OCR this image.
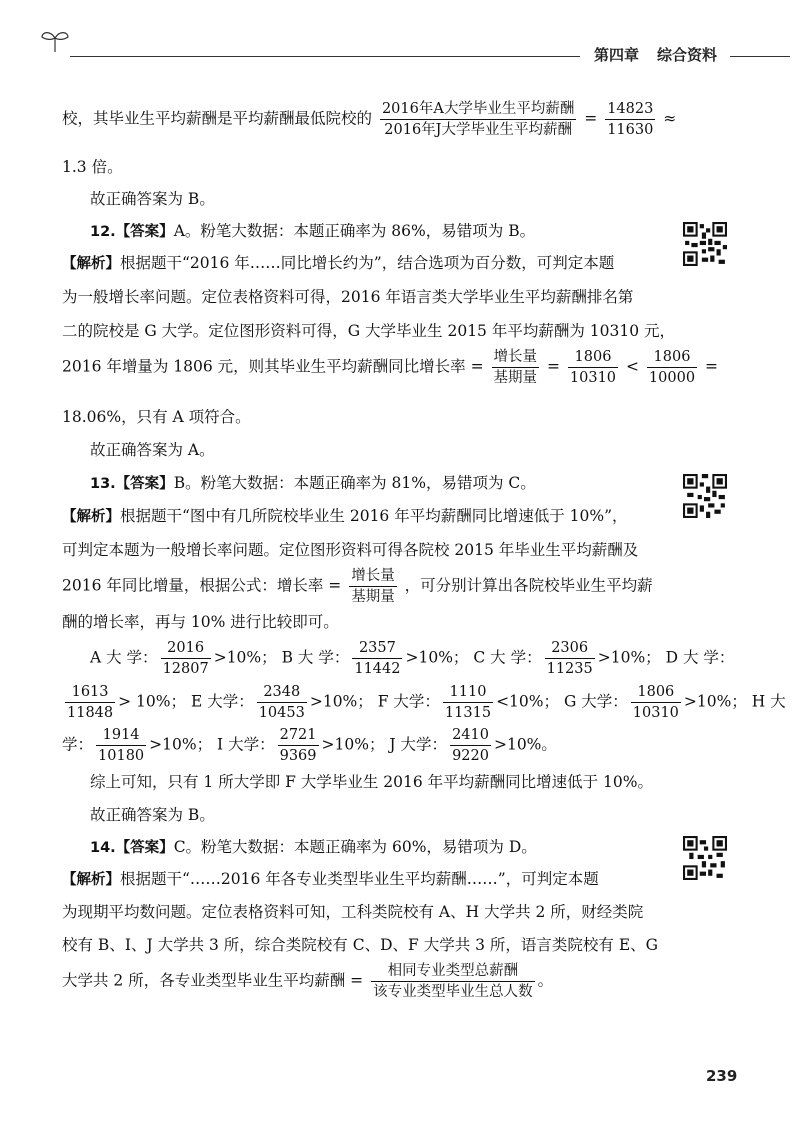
第四章 综合资料
校，其毕业生平均薪酬是平均薪酬最低院校的 $\frac{\text{2016年A大学毕业生平均薪酬}}{\text{2016年J大学毕业生平均薪酬}} = \frac{14823}{11630}$ ≈
1.3 倍。
故正确答案为 B。
12.【答案】A。粉笔大数据：本题正确率为 86%，易错项为 B。
【解析】根据题干“2016 年……同比增长约为”，结合选项为百分数，可判定本题
为一般增长率问题。定位表格资料可得，2016 年语言类大学毕业生平均薪酬排名第
二的院校是 G 大学。定位图形资料可得，G 大学毕业生 2015 年平均薪酬为 10310 元，
2016 年增量为 1806 元，则其毕业生平均薪酬同比增长率 = $\frac{\text{增长量}}{\text{基期量}} = \frac{1806}{10310} < \frac{1806}{10000}$ =
18.06%，只有 A 项符合。
故正确答案为 A。
13.【答案】B。粉笔大数据：本题正确率为 81%，易错项为 C。
【解析】根据题干“图中有几所院校毕业生 2016 年平均薪酬同比增速低于 10%”，
可判定本题为一般增长率问题。定位图形资料可得各院校 2015 年毕业生平均薪酬及
2016 年同比增量，根据公式：增长率 = $\frac{\text{增长量}}{\text{基期量}}$ ，可分别计算出各院校毕业生平均薪
酬的增长率，再与 10% 进行比较即可。
A 大 学： $\frac{2016}{12807} >10\%$； B 大 学： $\frac{2357}{11442} >10\%$； C 大 学： $\frac{2306}{11235} >10\%$； D 大 学：
$\frac{1613}{11848} > 10\%$； E 大学： $\frac{2348}{10453} >10\%$； F 大学： $\frac{1110}{11315} <10\%$； G 大学： $\frac{1806}{10310} >10\%$； H 大
学： $\frac{1914}{10180} >10\%$； I 大学： $\frac{2721}{9369} >10\%$； J 大学： $\frac{2410}{9220} >10\%$。
综上可知，只有 1 所大学即 F 大学毕业生 2016 年平均薪酬同比增速低于 10%。
故正确答案为 B。
14.【答案】C。粉笔大数据：本题正确率为 60%，易错项为 D。
【解析】根据题干“……2016 年各专业类型毕业生平均薪酬……”，可判定本题
为现期平均数问题。定位表格资料可知，工科类院校有 A、H 大学共 2 所，财经类院
校有 B、I、J 大学共 3 所，综合类院校有 C、D、F 大学共 3 所，语言类院校有 E、G
大学共 2 所，各专业类型毕业生平均薪酬 = $\frac{\text{相同专业类型总薪酬}}{\text{该专业类型毕业生总人数}}$ 。
239
